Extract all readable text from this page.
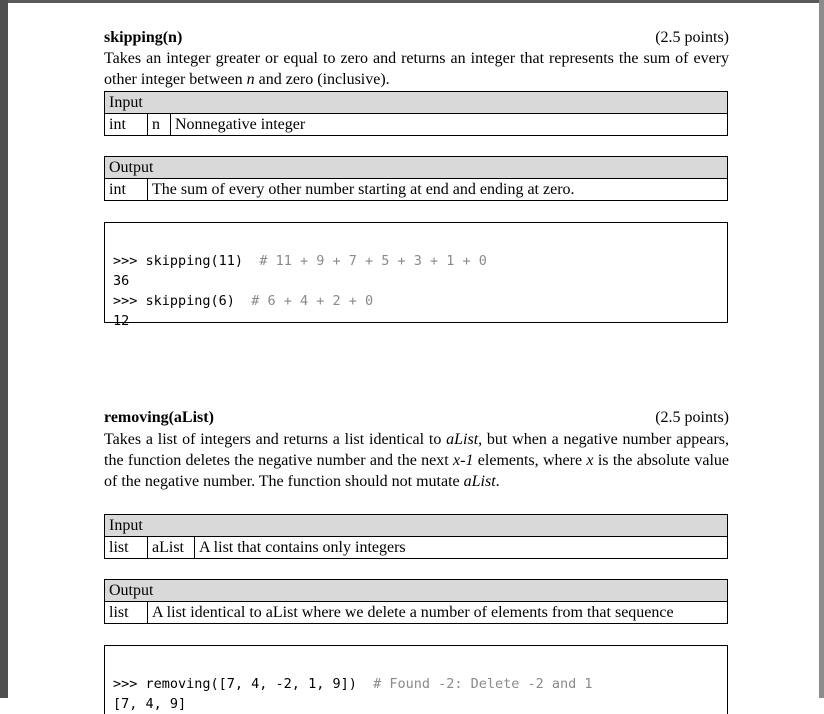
skipping(n)	(2.5 points)

Takes an integer greater or equal to zero and returns an integer that represents the sum of every other integer between n and zero (inclusive).

Input
int	n	Nonnegative integer
Output
int	The sum of every other number starting at end and ending at zero.

>>> skipping(11) # 11 + 9 + 7 + 5 + 3 + 1 + 0
36
>>> skipping(6) # 6 + 4 + 2 + 0
12
removing(aList)	(2.5 points)

Takes a list of integers and returns a list identical to aList, but when a negative number appears, the function deletes the negative number and the next x-1 elements, where x is the absolute value of the negative number. The function should not mutate aList.

Input
list	aList	A list that contains only integers
Output
list	A list identical to aList where we delete a number of elements from that sequence

>>> removing([7, 4, -2, 1, 9]) # Found -2: Delete -2 and 1
[7, 4, 9]
